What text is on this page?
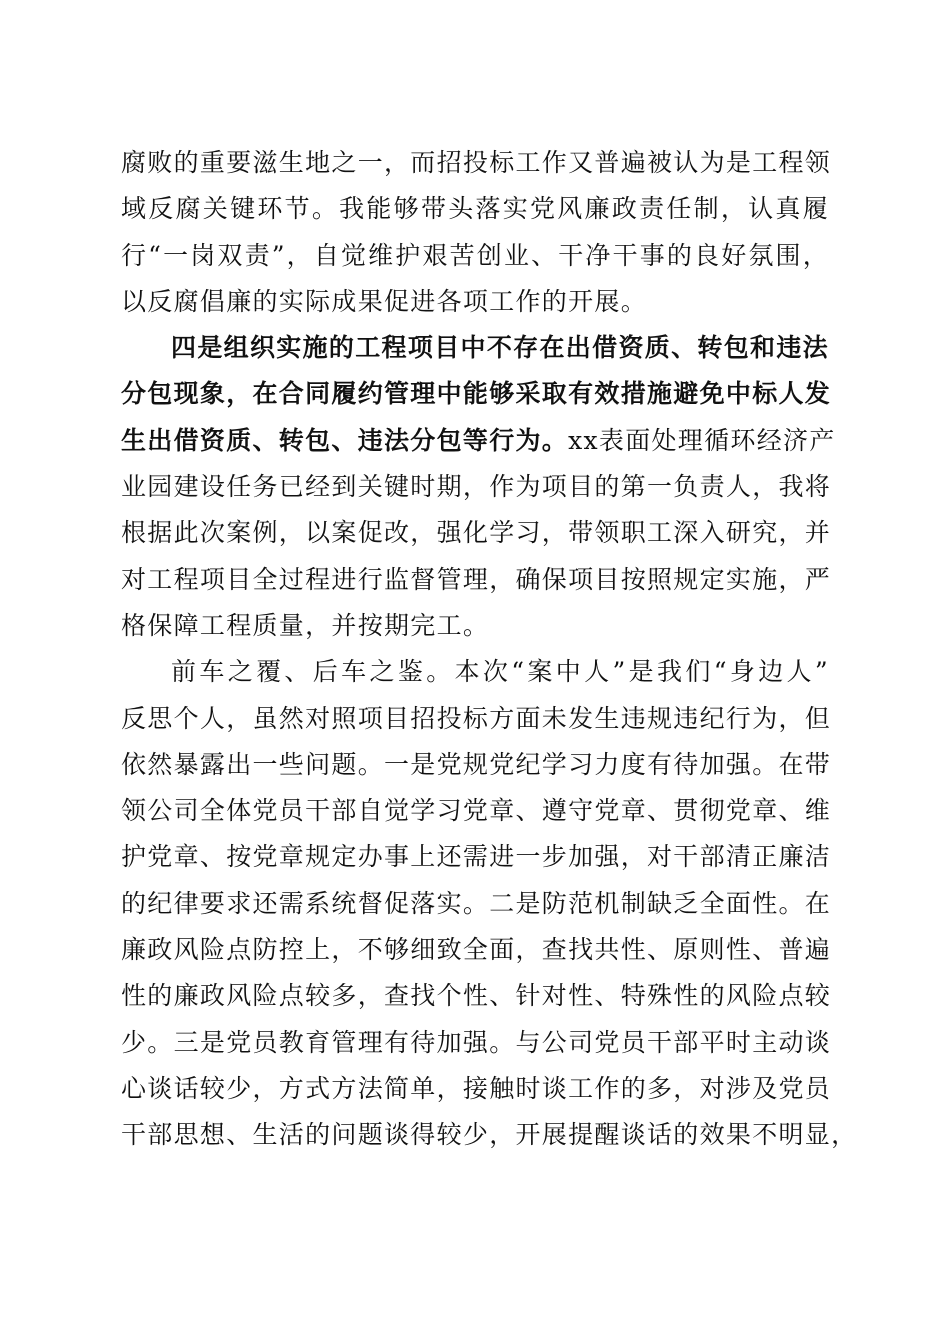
腐败的重要滋生地之一，而招投标工作又普遍被认为是工程领
域反腐关键环节。我能够带头落实党风廉政责任制，认真履
行“一岗双责”，自觉维护艰苦创业、干净干事的良好氛围，
以反腐倡廉的实际成果促进各项工作的开展。
四是组织实施的工程项目中不存在出借资质、转包和违法
分包现象，在合同履约管理中能够采取有效措施避免中标人发
生出借资质、转包、违法分包等行为。xx表面处理循环经济产
业园建设任务已经到关键时期，作为项目的第一负责人，我将
根据此次案例，以案促改，强化学习，带领职工深入研究，并
对工程项目全过程进行监督管理，确保项目按照规定实施，严
格保障工程质量，并按期完工。
前车之覆、后车之鉴。本次“案中人”是我们“身边人”
反思个人，虽然对照项目招投标方面未发生违规违纪行为，但
依然暴露出一些问题。一是党规党纪学习力度有待加强。在带
领公司全体党员干部自觉学习党章、遵守党章、贯彻党章、维
护党章、按党章规定办事上还需进一步加强，对干部清正廉洁
的纪律要求还需系统督促落实。二是防范机制缺乏全面性。在
廉政风险点防控上，不够细致全面，查找共性、原则性、普遍
性的廉政风险点较多，查找个性、针对性、特殊性的风险点较
少。三是党员教育管理有待加强。与公司党员干部平时主动谈
心谈话较少，方式方法简单，接触时谈工作的多，对涉及党员
干部思想、生活的问题谈得较少，开展提醒谈话的效果不明显，
